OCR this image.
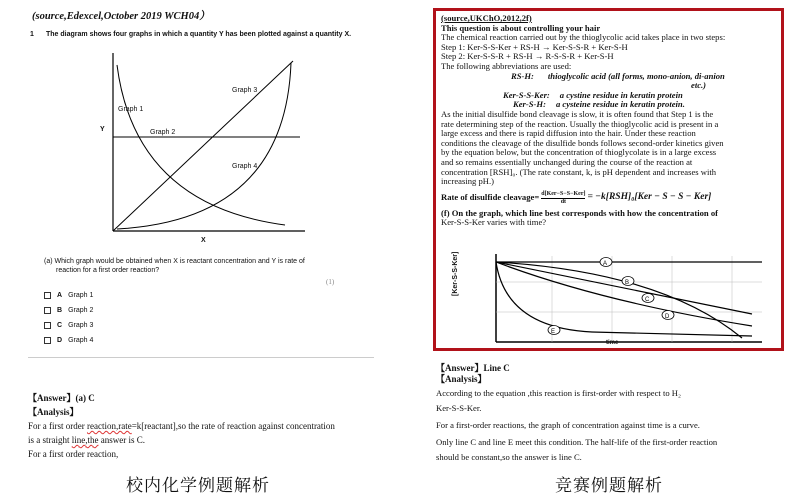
(source,Edexcel,October 2019 WCH04）
1 The diagram shows four graphs in which a quantity Y has been plotted against a quantity X.
Graph 1
Graph 2
Graph 3
Graph 4
Y
X
(a) Which graph would be obtained when X is reactant concentration and Y is rate of
reaction for a first order reaction?
(1)
A Graph 1
B Graph 2
C Graph 3
D Graph 4
【Answer】(a) C
【Analysis】
For a first order reaction,rate=k[reactant],so the rate of reaction against concentration
is a straight line,the answer is C.
For a first order reaction,
校内化学例题解析
(source,UKChO,2012,2f)
This question is about controlling your hair
The chemical reaction carried out by the thioglycolic acid takes place in two steps:
Step 1: Ker-S-S-Ker + RS-H → Ker-S-S-R + Ker-S-H
Step 2: Ker-S-S-R + RS-H → R-S-S-R + Ker-S-H
The following abbreviations are used:
RS-H: thioglycolic acid (all forms, mono-anion, di-anion
etc.)
Ker-S-S-Ker: a cystine residue in keratin protein
Ker-S-H: a cysteine residue in keratin protein.
As the initial disulfide bond cleavage is slow, it is often found that Step 1 is the
rate determining step of the reaction. Usually the thioglycolic acid is present in a
large excess and there is rapid diffusion into the hair. Under these reaction
conditions the cleavage of the disulfide bonds follows second-order kinetics given
by the equation below, but the concentration of thioglycolate is in a large excess
and so remains essentially unchanged during the course of the reaction at
concentration [RSH]₀. (The rate constant, k, is pH dependent and increases with
increasing pH.)
Rate of disulfide cleavage= d[Ker−S−S−Ker]
dt = −k[RSH]₀[Ker − S − S − Ker]
(f) On the graph, which line best corresponds with how the concentration of
Ker-S-S-Ker varies with time?
A
B
C
D
E
[Ker-S-S-Ker]
time
【Answer】Line C
【Analysis】
According to the equation ,this reaction is first-order with respect to H₂
Ker-S-S-Ker.
For a first-order reactions, the graph of concentration against time is a curve.
Only line C and line E meet this condition. The half-life of the first-order reaction
should be constant,so the answer is line C.
竞赛例题解析
